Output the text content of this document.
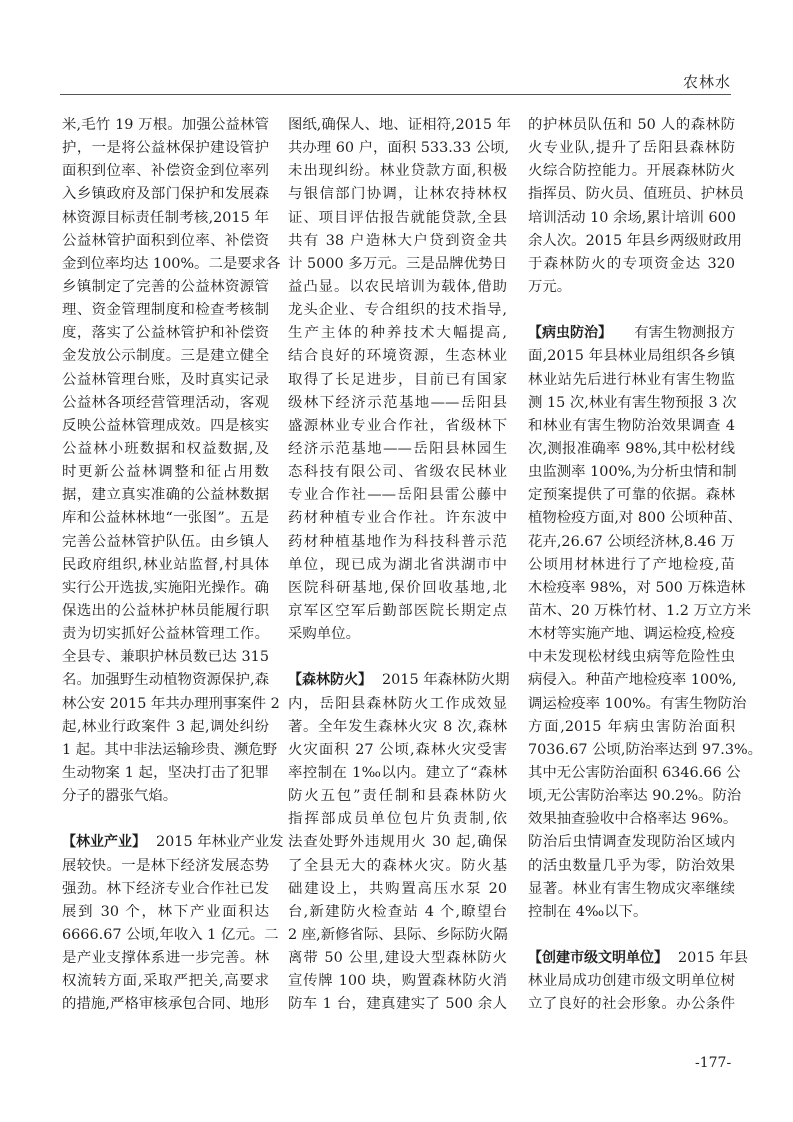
农林水
米,毛竹 19 万根。加强公益林管
护，一是将公益林保护建设管护
面积到位率、补偿资金到位率列
入乡镇政府及部门保护和发展森
林资源目标责任制考核,2015 年
公益林管护面积到位率、补偿资
金到位率均达 100%。二是要求各
乡镇制定了完善的公益林资源管
理、资金管理制度和检查考核制
度，落实了公益林管护和补偿资
金发放公示制度。三是建立健全
公益林管理台账，及时真实记录
公益林各项经营管理活动，客观
反映公益林管理成效。四是核实
公益林小班数据和权益数据,及
时更新公益林调整和征占用数
据，建立真实准确的公益林数据
库和公益林林地“一张图”。五是
完善公益林管护队伍。由乡镇人
民政府组织,林业站监督,村具体
实行公开选拔,实施阳光操作。确
保选出的公益林护林员能履行职
责为切实抓好公益林管理工作。
全县专、兼职护林员数已达 315
名。加强野生动植物资源保护,森
林公安 2015 年共办理刑事案件 2
起,林业行政案件 3 起,调处纠纷
1 起。其中非法运输珍贵、濒危野
生动物案 1 起，坚决打击了犯罪
分子的嚣张气焰。
【林业产业】 2015 年林业产业发
展较快。一是林下经济发展态势
强劲。林下经济专业合作社已发
展到 30 个，林下产业面积达
6666.67 公顷,年收入 1 亿元。二
是产业支撑体系进一步完善。林
权流转方面,采取严把关,高要求
的措施,严格审核承包合同、地形
图纸,确保人、地、证相符,2015 年
共办理 60 户，面积 533.33 公顷,
未出现纠纷。林业贷款方面,积极
与银信部门协调，让林农持林权
证、项目评估报告就能贷款,全县
共有 38 户造林大户贷到资金共
计 5000 多万元。三是品牌优势日
益凸显。以农民培训为载体,借助
龙头企业、专合组织的技术指导,
生产主体的种养技术大幅提高,
结合良好的环境资源，生态林业
取得了长足进步，目前已有国家
级林下经济示范基地——岳阳县
盛源林业专业合作社，省级林下
经济示范基地——岳阳县林园生
态科技有限公司、省级农民林业
专业合作社——岳阳县雷公藤中
药材种植专业合作社。许东波中
药材种植基地作为科技科普示范
单位，现已成为湖北省洪湖市中
医院科研基地,保价回收基地,北
京军区空军后勤部医院长期定点
采购单位。
【森林防火】 2015 年森林防火期
内，岳阳县森林防火工作成效显
著。全年发生森林火灾 8 次,森林
火灾面积 27 公顷,森林火灾受害
率控制在 1‰以内。建立了“森林
防火五包”责任制和县森林防火
指挥部成员单位包片负责制,依
法查处野外违规用火 30 起,确保
了全县无大的森林火灾。防火基
础建设上，共购置高压水泵 20
台,新建防火检查站 4 个,瞭望台
2 座,新修省际、县际、乡际防火隔
离带 50 公里,建设大型森林防火
宣传牌 100 块，购置森林防火消
防车 1 台，建真建实了 500 余人
的护林员队伍和 50 人的森林防
火专业队,提升了岳阳县森林防
火综合防控能力。开展森林防火
指挥员、防火员、值班员、护林员
培训活动 10 余场,累计培训 600
余人次。2015 年县乡两级财政用
于森林防火的专项资金达 320
万元。
【病虫防治】 有害生物测报方
面,2015 年县林业局组织各乡镇
林业站先后进行林业有害生物监
测 15 次,林业有害生物预报 3 次
和林业有害生物防治效果调查 4
次,测报准确率 98%,其中松材线
虫监测率 100%,为分析虫情和制
定预案提供了可靠的依据。森林
植物检疫方面,对 800 公顷种苗、
花卉,26.67 公顷经济林,8.46 万
公顷用材林进行了产地检疫,苗
木检疫率 98%，对 500 万株造林
苗木、20 万株竹材、1.2 万立方米
木材等实施产地、调运检疫,检疫
中未发现松材线虫病等危险性虫
病侵入。种苗产地检疫率 100%,
调运检疫率 100%。有害生物防治
方面,2015 年病虫害防治面积
7036.67 公顷,防治率达到 97.3%。
其中无公害防治面积 6346.66 公
顷,无公害防治率达 90.2%。防治
效果抽查验收中合格率达 96%。
防治后虫情调查发现防治区域内
的活虫数量几乎为零，防治效果
显著。林业有害生物成灾率继续
控制在 4‰以下。
【创建市级文明单位】 2015 年县
林业局成功创建市级文明单位树
立了良好的社会形象。办公条件
-177-
